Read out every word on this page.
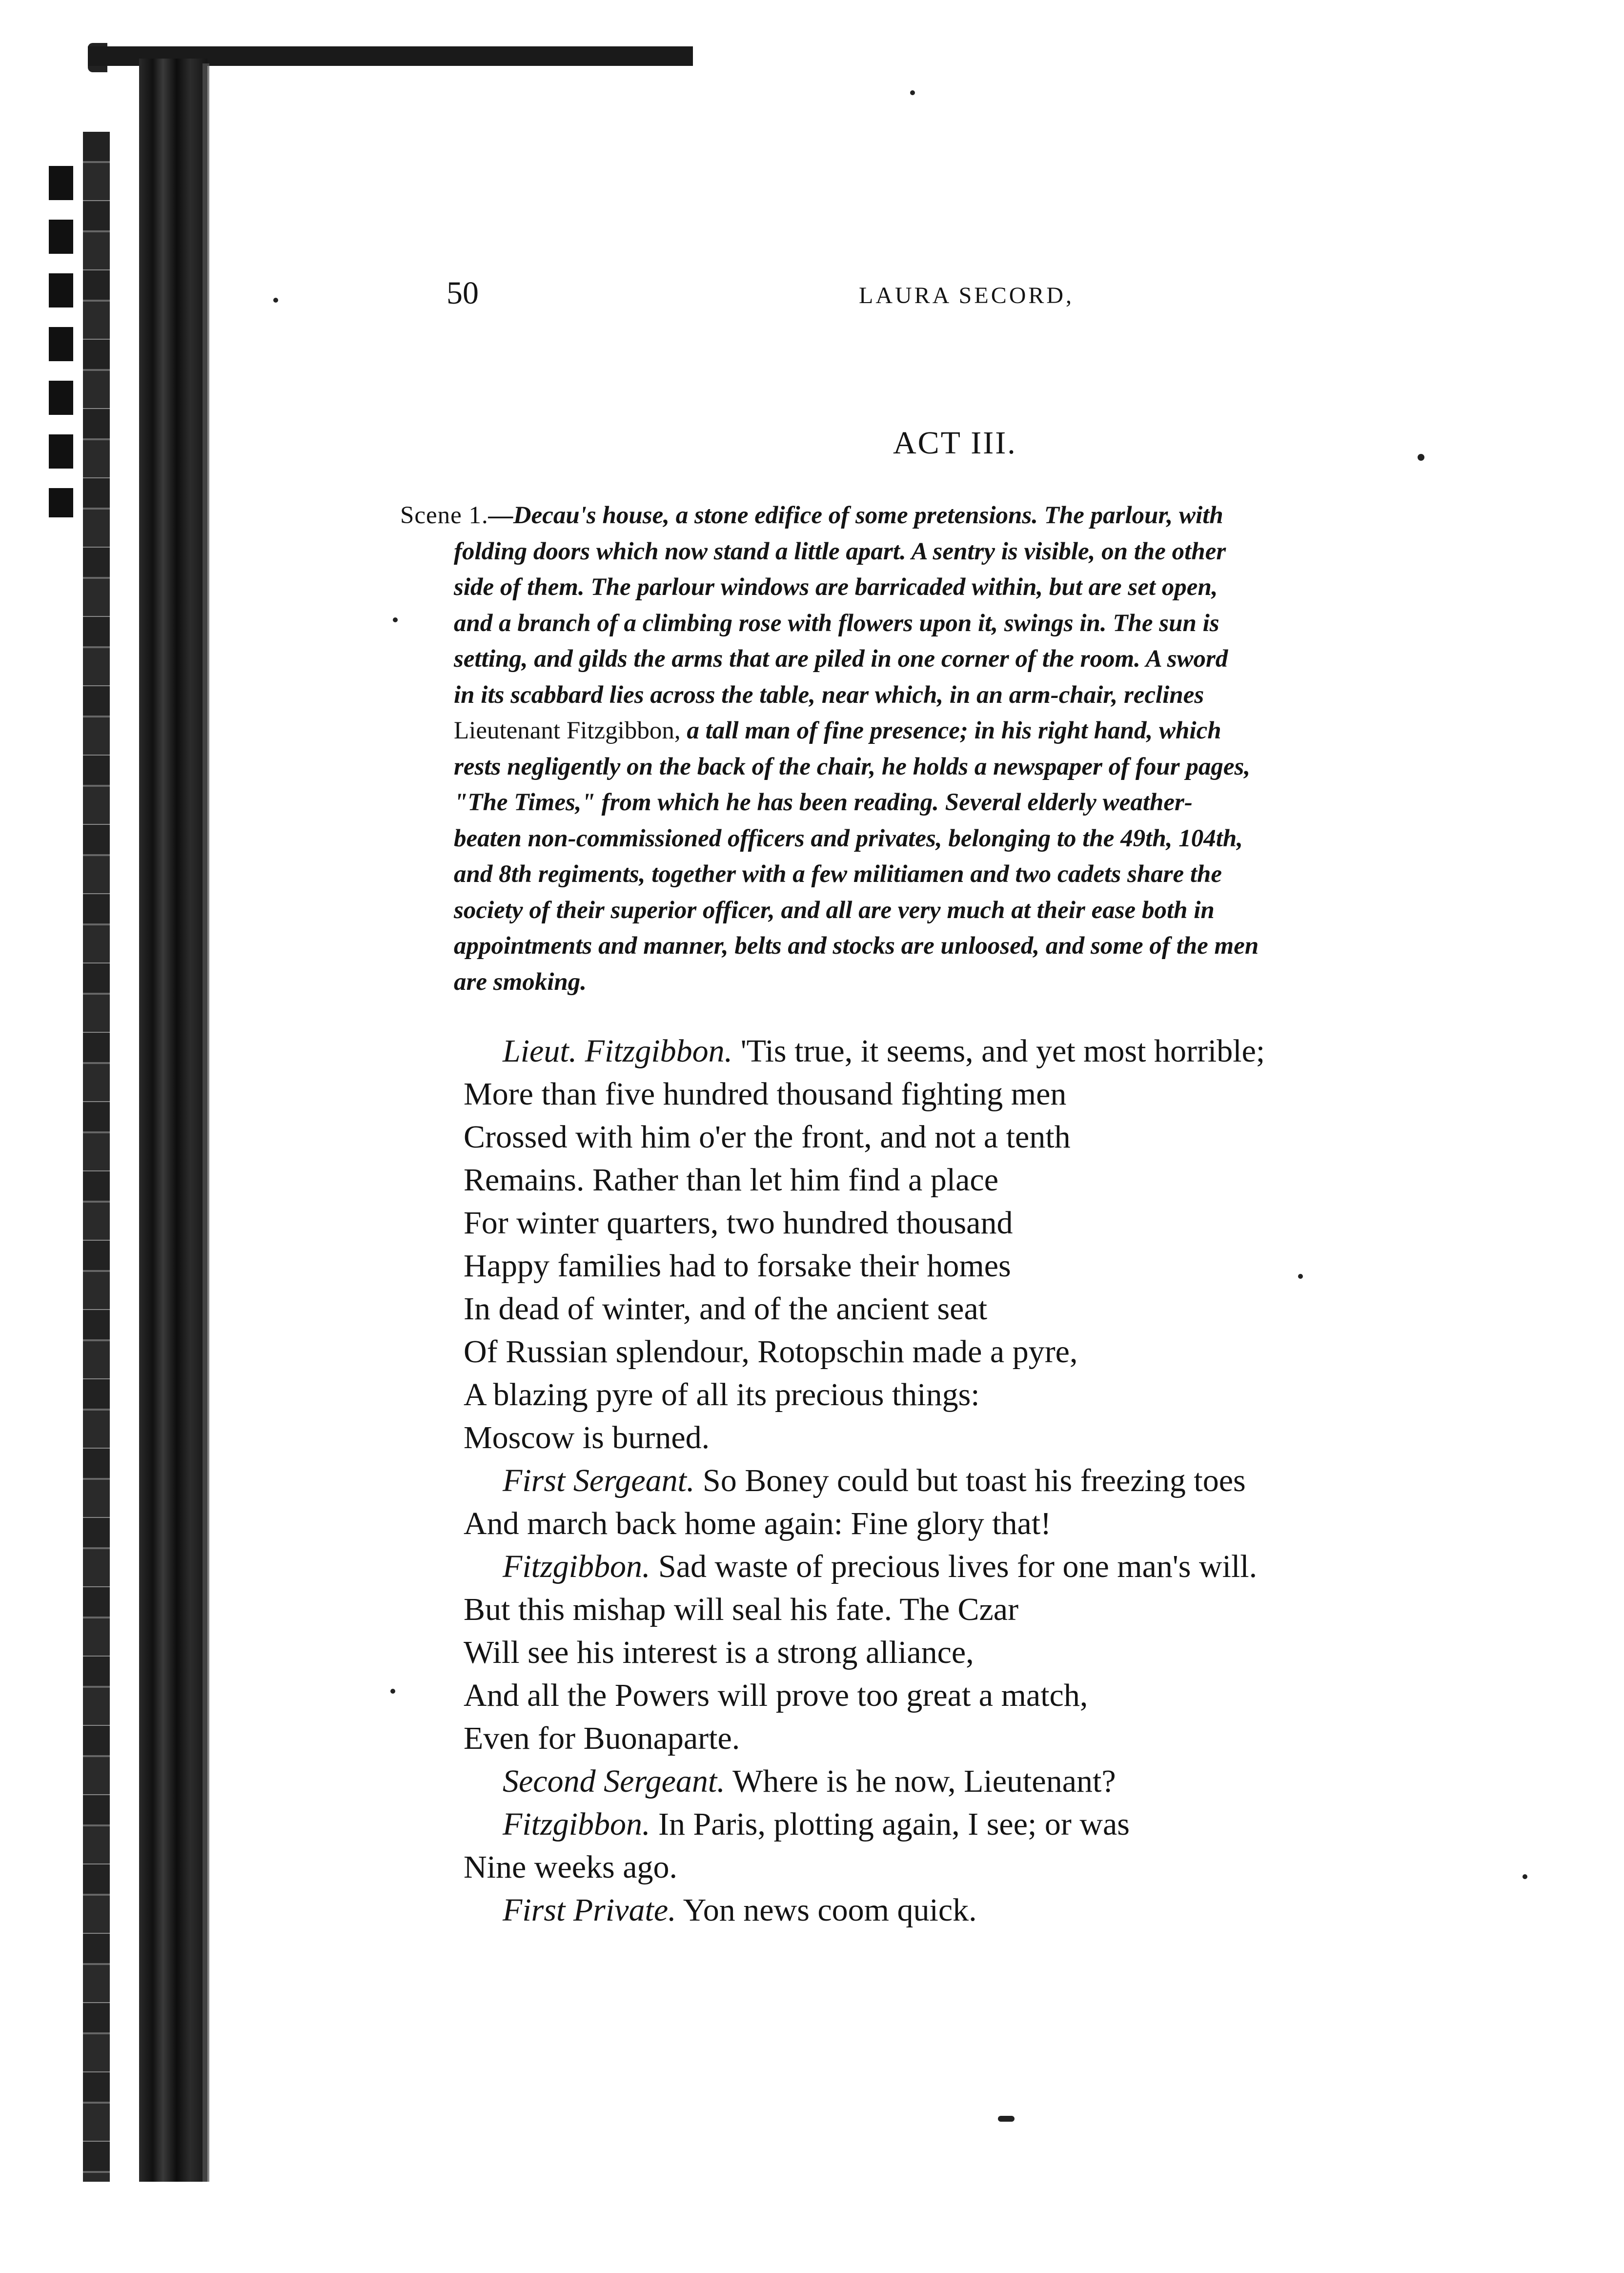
50	LAURA SECORD,
ACT III.
Scene 1.—Decau's house, a stone edifice of some pretensions. The parlour, with
folding doors which now stand a little apart. A sentry is visible, on the other
side of them. The parlour windows are barricaded within, but are set open,
and a branch of a climbing rose with flowers upon it, swings in. The sun is
setting, and gilds the arms that are piled in one corner of the room. A sword
in its scabbard lies across the table, near which, in an arm-chair, reclines
Lieutenant Fitzgibbon, a tall man of fine presence; in his right hand, which
rests negligently on the back of the chair, he holds a newspaper of four pages,
"The Times," from which he has been reading. Several elderly weather-
beaten non-commissioned officers and privates, belonging to the 49th, 104th,
and 8th regiments, together with a few militiamen and two cadets share the
society of their superior officer, and all are very much at their ease both in
appointments and manner, belts and stocks are unloosed, and some of the men
are smoking.
Lieut. Fitzgibbon. 'Tis true, it seems, and yet most horrible;
More than five hundred thousand fighting men
Crossed with him o'er the front, and not a tenth
Remains. Rather than let him find a place
For winter quarters, two hundred thousand
Happy families had to forsake their homes
In dead of winter, and of the ancient seat
Of Russian splendour, Rotopschin made a pyre,
A blazing pyre of all its precious things:
Moscow is burned.
First Sergeant. So Boney could but toast his freezing toes
And march back home again: Fine glory that!
Fitzgibbon. Sad waste of precious lives for one man's will.
But this mishap will seal his fate. The Czar
Will see his interest is a strong alliance,
And all the Powers will prove too great a match,
Even for Buonaparte.
Second Sergeant. Where is he now, Lieutenant?
Fitzgibbon. In Paris, plotting again, I see; or was
Nine weeks ago.
First Private. Yon news coom quick.
